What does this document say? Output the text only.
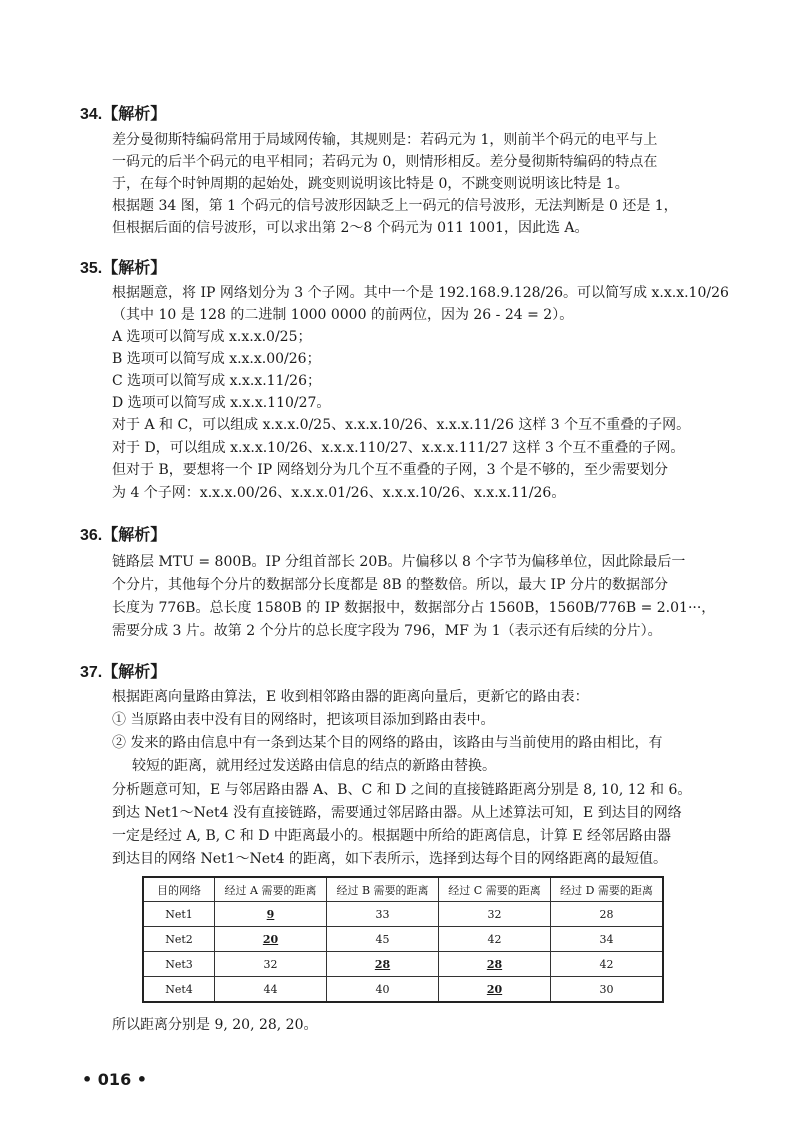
34.【解析】
差分曼彻斯特编码常用于局域网传输，其规则是：若码元为 1，则前半个码元的电平与上
一码元的后半个码元的电平相同；若码元为 0，则情形相反。差分曼彻斯特编码的特点在
于，在每个时钟周期的起始处，跳变则说明该比特是 0，不跳变则说明该比特是 1。
根据题 34 图，第 1 个码元的信号波形因缺乏上一码元的信号波形，无法判断是 0 还是 1，
但根据后面的信号波形，可以求出第 2～8 个码元为 011 1001，因此选 A。
35.【解析】
根据题意，将 IP 网络划分为 3 个子网。其中一个是 192.168.9.128/26。可以简写成 x.x.x.10/26
（其中 10 是 128 的二进制 1000 0000 的前两位，因为 26 - 24 = 2）。
A 选项可以简写成 x.x.x.0/25；
B 选项可以简写成 x.x.x.00/26；
C 选项可以简写成 x.x.x.11/26；
D 选项可以简写成 x.x.x.110/27。
对于 A 和 C，可以组成 x.x.x.0/25、x.x.x.10/26、x.x.x.11/26 这样 3 个互不重叠的子网。
对于 D，可以组成 x.x.x.10/26、x.x.x.110/27、x.x.x.111/27 这样 3 个互不重叠的子网。
但对于 B，要想将一个 IP 网络划分为几个互不重叠的子网，3 个是不够的，至少需要划分
为 4 个子网：x.x.x.00/26、x.x.x.01/26、x.x.x.10/26、x.x.x.11/26。
36.【解析】
链路层 MTU = 800B。IP 分组首部长 20B。片偏移以 8 个字节为偏移单位，因此除最后一
个分片，其他每个分片的数据部分长度都是 8B 的整数倍。所以，最大 IP 分片的数据部分
长度为 776B。总长度 1580B 的 IP 数据报中，数据部分占 1560B，1560B/776B = 2.01···，
需要分成 3 片。故第 2 个分片的总长度字段为 796，MF 为 1（表示还有后续的分片）。
37.【解析】
根据距离向量路由算法，E 收到相邻路由器的距离向量后，更新它的路由表：
① 当原路由表中没有目的网络时，把该项目添加到路由表中。
② 发来的路由信息中有一条到达某个目的网络的路由，该路由与当前使用的路由相比，有
较短的距离，就用经过发送路由信息的结点的新路由替换。
分析题意可知，E 与邻居路由器 A、B、C 和 D 之间的直接链路距离分别是 8, 10, 12 和 6。
到达 Net1～Net4 没有直接链路，需要通过邻居路由器。从上述算法可知，E 到达目的网络
一定是经过 A, B, C 和 D 中距离最小的。根据题中所给的距离信息，计算 E 经邻居路由器
到达目的网络 Net1～Net4 的距离，如下表所示，选择到达每个目的网络距离的最短值。
目的网络	经过 A 需要的距离	经过 B 需要的距离	经过 C 需要的距离	经过 D 需要的距离
Net1	9	33	32	28
Net2	20	45	42	34
Net3	32	28	28	42
Net4	44	40	20	30
所以距离分别是 9, 20, 28, 20。
• 016 •
